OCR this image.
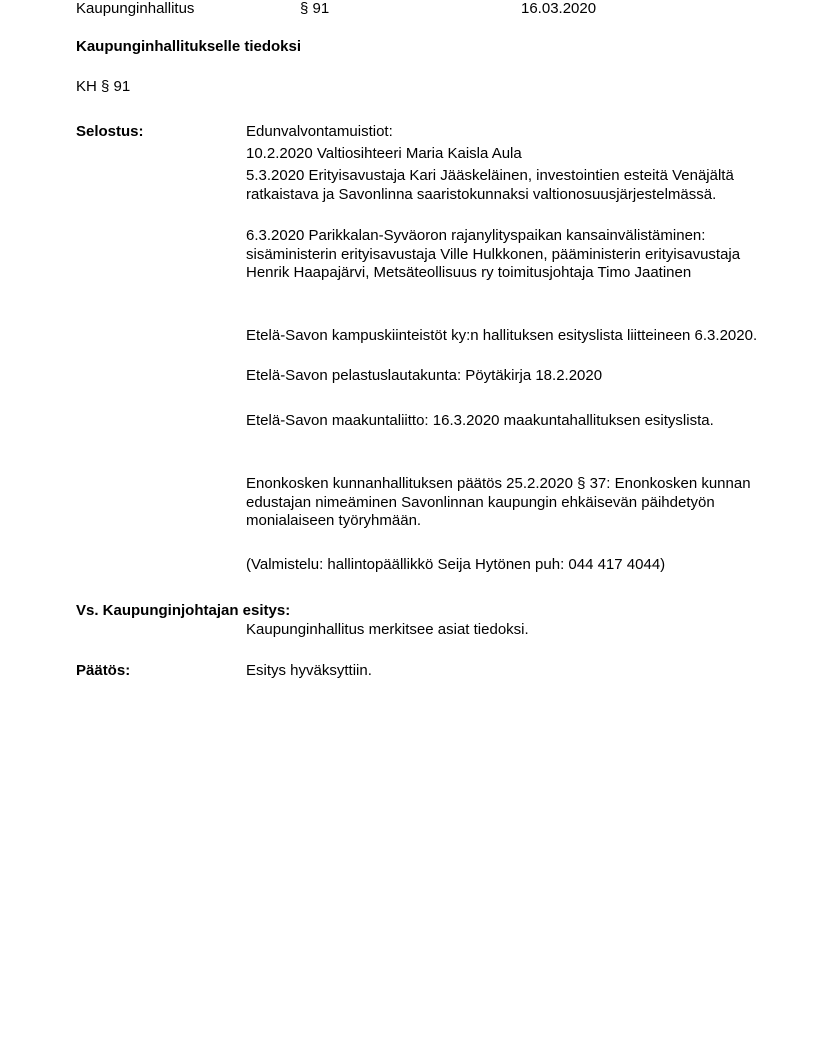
Kaupunginhallitus	§ 91	16.03.2020
Kaupunginhallitukselle tiedoksi
KH § 91
Selostus:	Edunvalvontamuistiot:

10.2.2020 Valtiosihteeri Maria Kaisla Aula

5.3.2020 Erityisavustaja Kari Jääskeläinen, investointien esteitä Venäjältä ratkaistava ja Savonlinna saaristokunnaksi valtionosuusjärjestelmässä.

6.3.2020 Parikkalan-Syväoron rajanylityspaikan kansainvälistäminen: sisäministerin erityisavustaja Ville Hulkkonen, pääministerin erityisavustaja Henrik Haapajärvi, Metsäteollisuus ry toimitusjohtaja Timo Jaatinen

Etelä-Savon kampuskiinteistöt ky:n hallituksen esityslista liitteineen 6.3.2020.

Etelä-Savon pelastuslautakunta: Pöytäkirja 18.2.2020

Etelä-Savon maakuntaliitto: 16.3.2020 maakuntahallituksen esityslista.

Enonkosken kunnanhallituksen päätös 25.2.2020 § 37: Enonkosken kunnan edustajan nimeäminen Savonlinnan kaupungin ehkäisevän päihdetyön monialaiseen työryhmään.

(Valmistelu: hallintopäällikkö Seija Hytönen puh: 044 417 4044)

Vs. Kaupunginjohtajan esitys:
Kaupunginhallitus merkitsee asiat tiedoksi.
Päätös:	Esitys hyväksyttiin.
